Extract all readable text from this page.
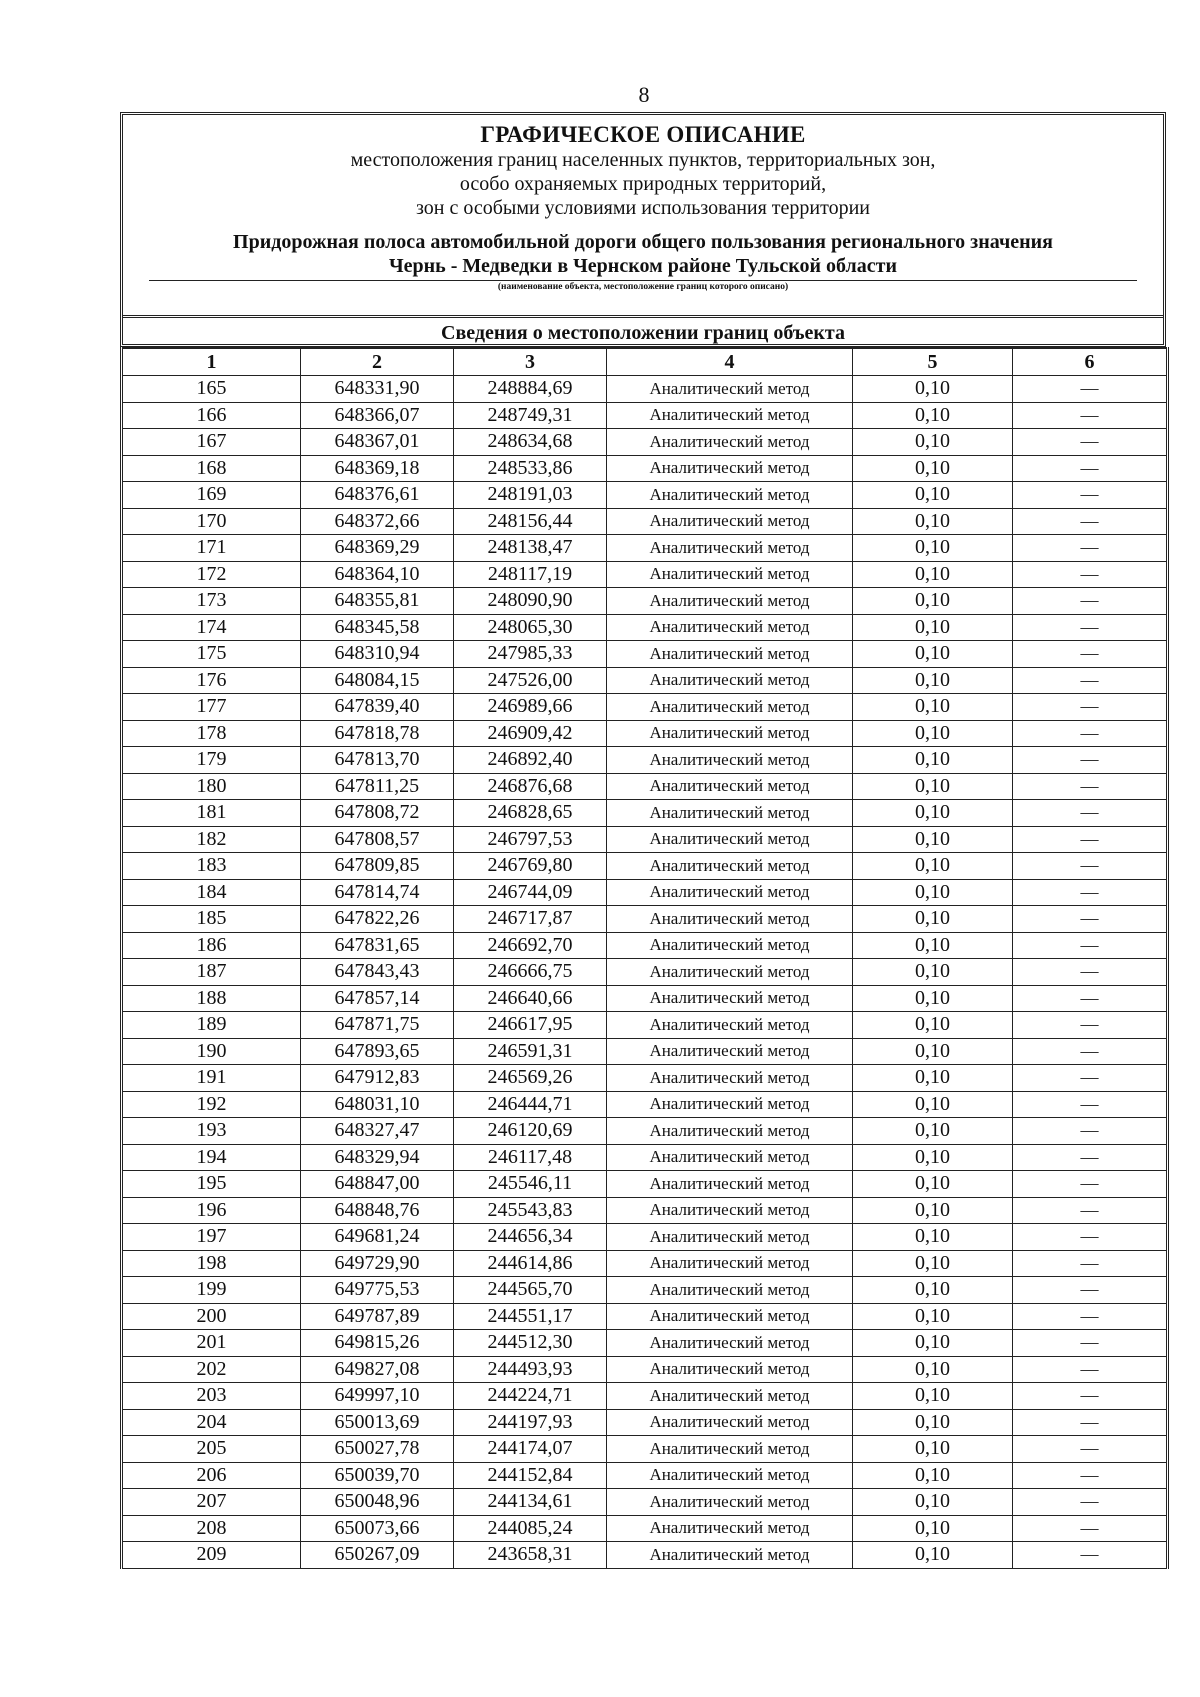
8
ГРАФИЧЕСКОЕ ОПИСАНИЕ
местоположения границ населенных пунктов, территориальных зон,
особо охраняемых природных территорий,
зон с особыми условиями использования территории
Придорожная полоса автомобильной дороги общего пользования регионального значения
Чернь - Медведки в Чернском районе Тульской области
(наименование объекта, местоположение границ которого описано)
Сведения о местоположении границ объекта
1	2	3	4	5	6
165	648331,90	248884,69	Аналитический метод	0,10	—
166	648366,07	248749,31	Аналитический метод	0,10	—
167	648367,01	248634,68	Аналитический метод	0,10	—
168	648369,18	248533,86	Аналитический метод	0,10	—
169	648376,61	248191,03	Аналитический метод	0,10	—
170	648372,66	248156,44	Аналитический метод	0,10	—
171	648369,29	248138,47	Аналитический метод	0,10	—
172	648364,10	248117,19	Аналитический метод	0,10	—
173	648355,81	248090,90	Аналитический метод	0,10	—
174	648345,58	248065,30	Аналитический метод	0,10	—
175	648310,94	247985,33	Аналитический метод	0,10	—
176	648084,15	247526,00	Аналитический метод	0,10	—
177	647839,40	246989,66	Аналитический метод	0,10	—
178	647818,78	246909,42	Аналитический метод	0,10	—
179	647813,70	246892,40	Аналитический метод	0,10	—
180	647811,25	246876,68	Аналитический метод	0,10	—
181	647808,72	246828,65	Аналитический метод	0,10	—
182	647808,57	246797,53	Аналитический метод	0,10	—
183	647809,85	246769,80	Аналитический метод	0,10	—
184	647814,74	246744,09	Аналитический метод	0,10	—
185	647822,26	246717,87	Аналитический метод	0,10	—
186	647831,65	246692,70	Аналитический метод	0,10	—
187	647843,43	246666,75	Аналитический метод	0,10	—
188	647857,14	246640,66	Аналитический метод	0,10	—
189	647871,75	246617,95	Аналитический метод	0,10	—
190	647893,65	246591,31	Аналитический метод	0,10	—
191	647912,83	246569,26	Аналитический метод	0,10	—
192	648031,10	246444,71	Аналитический метод	0,10	—
193	648327,47	246120,69	Аналитический метод	0,10	—
194	648329,94	246117,48	Аналитический метод	0,10	—
195	648847,00	245546,11	Аналитический метод	0,10	—
196	648848,76	245543,83	Аналитический метод	0,10	—
197	649681,24	244656,34	Аналитический метод	0,10	—
198	649729,90	244614,86	Аналитический метод	0,10	—
199	649775,53	244565,70	Аналитический метод	0,10	—
200	649787,89	244551,17	Аналитический метод	0,10	—
201	649815,26	244512,30	Аналитический метод	0,10	—
202	649827,08	244493,93	Аналитический метод	0,10	—
203	649997,10	244224,71	Аналитический метод	0,10	—
204	650013,69	244197,93	Аналитический метод	0,10	—
205	650027,78	244174,07	Аналитический метод	0,10	—
206	650039,70	244152,84	Аналитический метод	0,10	—
207	650048,96	244134,61	Аналитический метод	0,10	—
208	650073,66	244085,24	Аналитический метод	0,10	—
209	650267,09	243658,31	Аналитический метод	0,10	—
